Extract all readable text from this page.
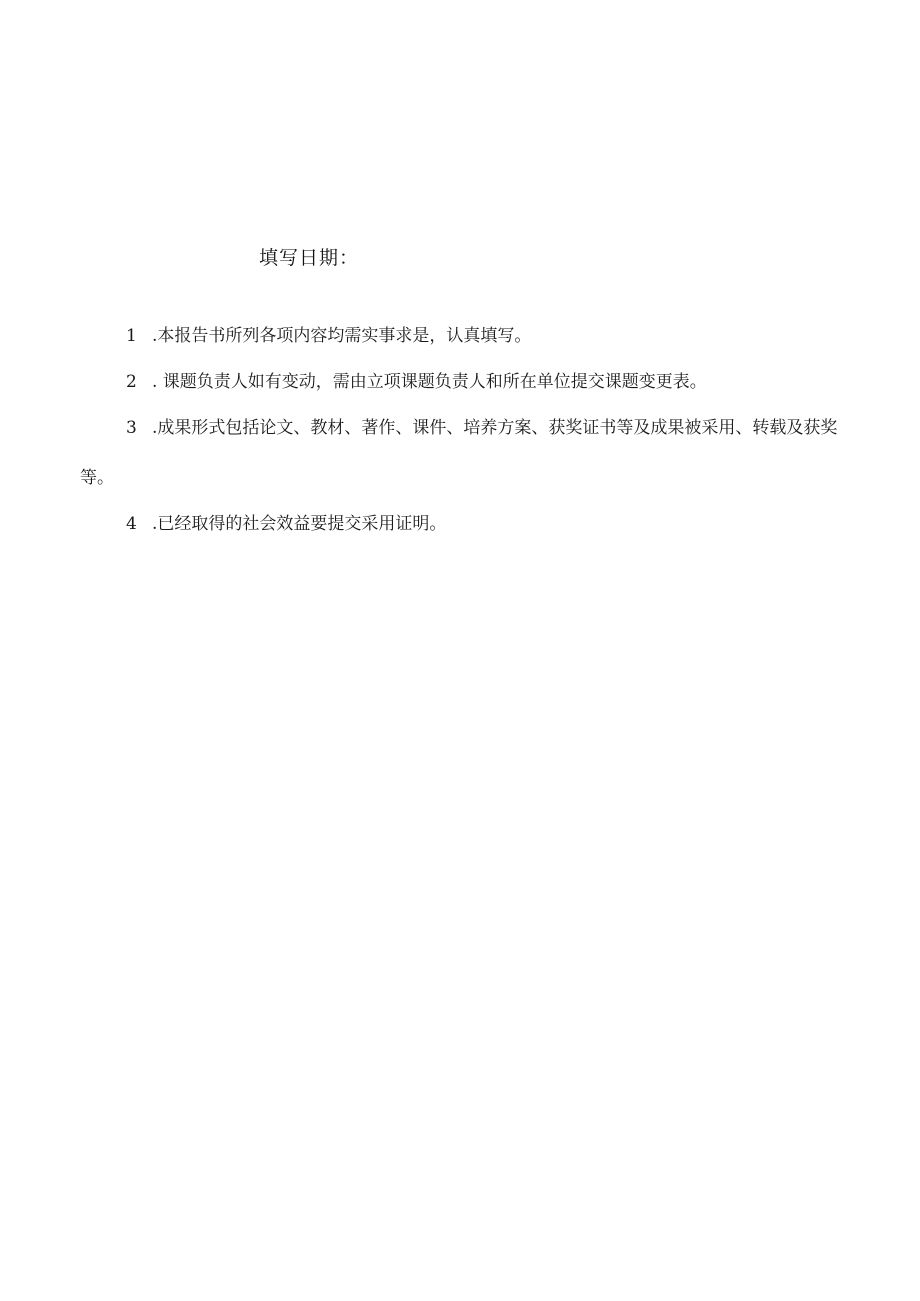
填写日期：

1 .本报告书所列各项内容均需实事求是，认真填写。

2 . 课题负责人如有变动，需由立项课题负责人和所在单位提交课题变更表。

3 .成果形式包括论文、教材、著作、课件、培养方案、获奖证书等及成果被采用、转载及获奖等。

4 .已经取得的社会效益要提交采用证明。
